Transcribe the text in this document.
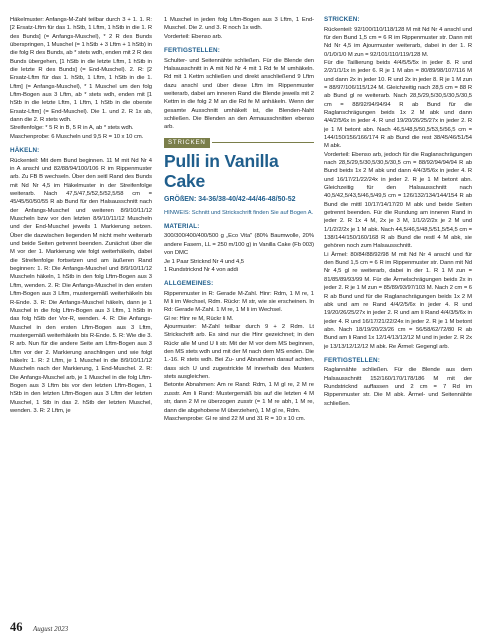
Häkelmuster: Anfangs-M-Zahl teilbar durch 3 + 1. 1. R: [2 Ersatz-Lftm für das 1. hStb, 1 Lftm, 1 hStb in die 1. R des Bunds] (= Anfangs-Muschel), * 2 R des Bunds überspringen, 1 Muschel (= 1 hStb + 3 Lftm + 1 hStb) in die folg R des Bunds, ab * stets wdh, enden mit 2 R des Bunds übergehen, [1 hStb in die letzte Lftm, 1 hStb in die letzte R des Bunds] (= End-Muschel). 2. R: [2 Ersatz-Lftm für das 1. hStb, 1 Lftm, 1 hStb in die 1. Lftm] (= Anfangs-Muschel), * 1 Muschel um den folg Lftm-Bogen aus 3 Lftm, ab * stets wdh, enden mit [1 hStb in die letzte Lftm, 1 Lftm, 1 hStb in die oberste Ersatz-Lftm] (= End-Muschel). Die 1. und 2. R 1x ab, dann die 2. R stets wdh.

Streifenfolge: * 5 R in B, 5 R in A, ab * stets wdh.

Maschenprobe: 6 Muscheln und 9,5 R = 10 x 10 cm.

HÄKELN:

Rückenteil: Mit dem Bund beginnen. 11 M mit Nd Nr 4 in A anschl und 82/88/94/100/106 R im Rippenmuster arb. Zu FB B wechseln. Über den seitl Rand des Bunds mit Nd Nr 4,5 im Häkelmuster in der Streifenfolge weiterarb. Nach 47,5/47,5/52,5/52,5/58 cm = 45/45/50/50/55 R ab Bund für den Halsausschnitt nach der Anfangs-Muschel und weiteren 8/9/10/11/12 Muscheln bzw vor den letzten 8/9/10/11/12 Muscheln und der End-Muschel jeweils 1 Markierung setzen. Über die dazwischen liegenden M nicht mehr weiterarb und beide Seiten getrennt beenden. Zunächst über die M vor der 1. Markierung wie folgt weiterhäkeln, dabei die Streifenfolge fortsetzen und am äußeren Rand beginnen: 1. R: Die Anfangs-Muschel und 8/9/10/11/12 Muscheln häkeln, 1 hStb in den folg Lftm-Bogen aus 3 Lftm, wenden. 2. R: Die Anfangs-Muschel in den ersten Lftm-Bogen aus 3 Lftm, mustergemäß weiterhäkeln bis R-Ende. 3. R: Die Anfangs-Muschel häkeln, dann je 1 Muschel in die folg Lftm-Bogen aus 3 Lftm, 1 hStb in das folg hStb der Vor-R, wenden. 4. R: Die Anfangs-Muschel in den ersten Lftm-Bogen aus 3 Lftm, mustergemäß weiterhäkeln bis R-Ende. 5. R: Wie die 3. R arb. Nun für die andere Seite am Lftm-Bogen aus 3 Lftm vor der 2. Markierung anschlingen und wie folgt häkeln: 1. R: 2 Lftm, je 1 Muschel in die 8/9/10/11/12 Muscheln nach der Markierung, 1 End-Muschel. 2. R: Die Anfangs-Muschel arb, je 1 Muschel in die folg Lftm-Bogen aus 3 Lftm bis vor den letzten Lftm-Bogen, 1 hStb in den letzten Lftm-Bogen aus 3 Lftm der letzten Muschel, 1 Stb in das 2. hStb der letzten Muschel, wenden. 3. R: 2 Lftm, je

1 Muschel in jeden folg Lftm-Bogen aus 3 Lftm, 1 End-Muschel. Die 2. und 3. R noch 1x wdh.

Vorderteil: Ebenso arb.

FERTIGSTELLEN:

Schulter- und Seitennähte schließen. Für die Blende den Halsausschnitt in A mit Nd Nr 4 mit 1 Rd fe M umhäkeln. Rd mit 1 Kettm schließen und direkt anschließend 9 Lftm dazu anschl und über diese Lftm im Rippenmuster weiterarb, dabei am inneren Rand die Blende jeweils mit 2 Kettm in die folg 2 M an die Rd fe M anhäkeln. Wenn der gesamte Ausschnitt umhäkelt ist, die Blenden-Naht schließen. Die Blenden an den Armausschnitten ebenso arb.

STRICKEN
Pulli in Vanilla Cake

GRÖßEN: 34-36/38-40/42-44/46-48/50-52

HINWEIS: Schnitt und Strickschrift finden Sie auf Bogen A.

MATERIAL:

300/300/400/400/500 g „Eco Vita" (80% Baumwolle, 20% andere Fasern, LL = 250 m/100 g) in Vanilla Cake (Fb 003) von DMC

Je 1 Paar Stricknd Nr 4 und 4,5

1 Rundstricknd Nr 4 von addi

ALLGEMEINES:

Rippenmuster in R: Gerade M-Zahl. Hinr: Rdm, 1 M re, 1 M li im Wechsel, Rdm. Rückr: M str, wie sie erscheinen. In Rd: Gerade M-Zahl. 1 M re, 1 M li im Wechsel.

Gl re: Hinr re M, Rückr li M.

Ajourmuster: M-Zahl teilbar durch 9 + 2 Rdm. Lt Strickschrift arb. Es sind nur die Hinr gezeichnet; in den Rückr alle M und U li str. Mit der M vor dem MS beginnen, den MS stets wdh und mit der M nach dem MS enden. Die 1.-16. R stets wdh. Bei Zu- und Abnahmen darauf achten, dass sich U und zugestrickte M innerhalb des Musters stets ausgleichen.

Betonte Abnahmen: Am re Rand: Rdm, 1 M gl re, 2 M re zusstr. Am li Rand: Mustergemäß bis auf die letzten 4 M str, dann 2 M re überzogen zusstr (= 1 M re abh, 1 M re, dann die abgehobene M überziehen), 1 M gl re, Rdm.

Maschenprobe: Gl re sind 22 M und 31 R = 10 x 10 cm.

STRICKEN:

Rückenteil: 92/100/110/118/128 M mit Nd Nr 4 anschl und für den Bund 1,5 cm = 6 R im Rippenmuster str. Dann mit Nd Nr 4,5 im Ajourmuster weiterarb, dabei in der 1. R 0/1/0/1/0 M zun = 92/101/110/119/128 M.

Für die Taillierung beids 4/4/5/5/5x in jeder 8. R und 2/2/1/1/1x in jeder 6. R je 1 M abn = 80/89/98/107/116 M und dann 2x in jeder 10. R und 2x in jeder 8. R je 1 M zun = 88/97/106/115/124 M. Gleichzeitig nach 28,5 cm = 88 R ab Bund gl re weiterarb. Nach 28,5/29,5/30,5/30,5/30,5 cm = 88/92/94/94/94 R ab Bund für die Raglanschrägungen beids 1x 2 M abk und dann 4/4/2/5/6x in jeder 4. R und 19/20/26/25/27x in jeder 2. R je 1 M betont abn. Nach 46,5/48,5/50,5/53,5/56,5 cm = 144/150/156/166/174 R ab Bund die rest 38/45/46/51/54 M abk.

Vorderteil: Ebenso arb, jedoch für die Raglanschrägungen nach 28,5/29,5/30,5/30,5/30,5 cm = 88/92/94/94/94 R ab Bund beids 1x 2 M abk und dann 4/4/3/5/6x in jeder 4. R und 16/17/21/22/24x in jeder 2. R je 1 M betont abn. Gleichzeitig für den Halsausschnitt nach 40,5/42,5/43,5/46,5/49,5 cm = 126/132/134/144/154 R ab Bund die mittl 10/17/14/17/20 M abk und beide Seiten getrennt beenden. Für die Rundung am inneren Rand in jeder 2. R 1x 4 M, 2x je 3 M, 1/1/2/2/2x je 2 M und 1/1/2/2/2x je 1 M abk. Nach 44,5/46,5/48,5/51,5/54,5 cm = 138/144/150/160/168 R ab Bund die restl 4 M abk, sie gehören noch zum Halsausschnitt.

Li Ärmel: 80/84/88/92/98 M mit Nd Nr 4 anschl und für den Bund 1,5 cm = 6 R im Rippenmuster str. Dann mit Nd Nr 4,5 gl re weiterarb, dabei in der 1. R 1 M zun = 81/85/89/93/99 M. Für die Ärmelschrägungen beids 2x in jeder 2. R je 1 M zun = 85/89/93/97/103 M. Nach 2 cm = 6 R ab Bund und für die Raglanschrägungen beids 1x 2 M abk und am re Rand 4/4/2/5/6x in jeder 4. R und 19/20/26/25/27x in jeder 2. R und am li Rand 4/4/3/5/6x in jeder 4. R und 16/17/21/22/24x in jeder 2. R je 1 M betont abn. Nach 18/19/20/23/26 cm = 56/58/62/72/80 R ab Bund am li Rand 1x 12/14/13/12/12 M und in jeder 2. R 2x je 13/13/12/12/12 M abk. Re Ärmel: Gegengl arb.

FERTIGSTELLEN:

Raglannähte schließen. Für die Blende aus dem Halsausschnitt 152/160/170/178/186 M mit der Rundstricknd auffassen und 2 cm = 7 Rd im Rippenmuster str. Die M abk. Ärmel- und Seitennähte schließen.

46 August 2023
